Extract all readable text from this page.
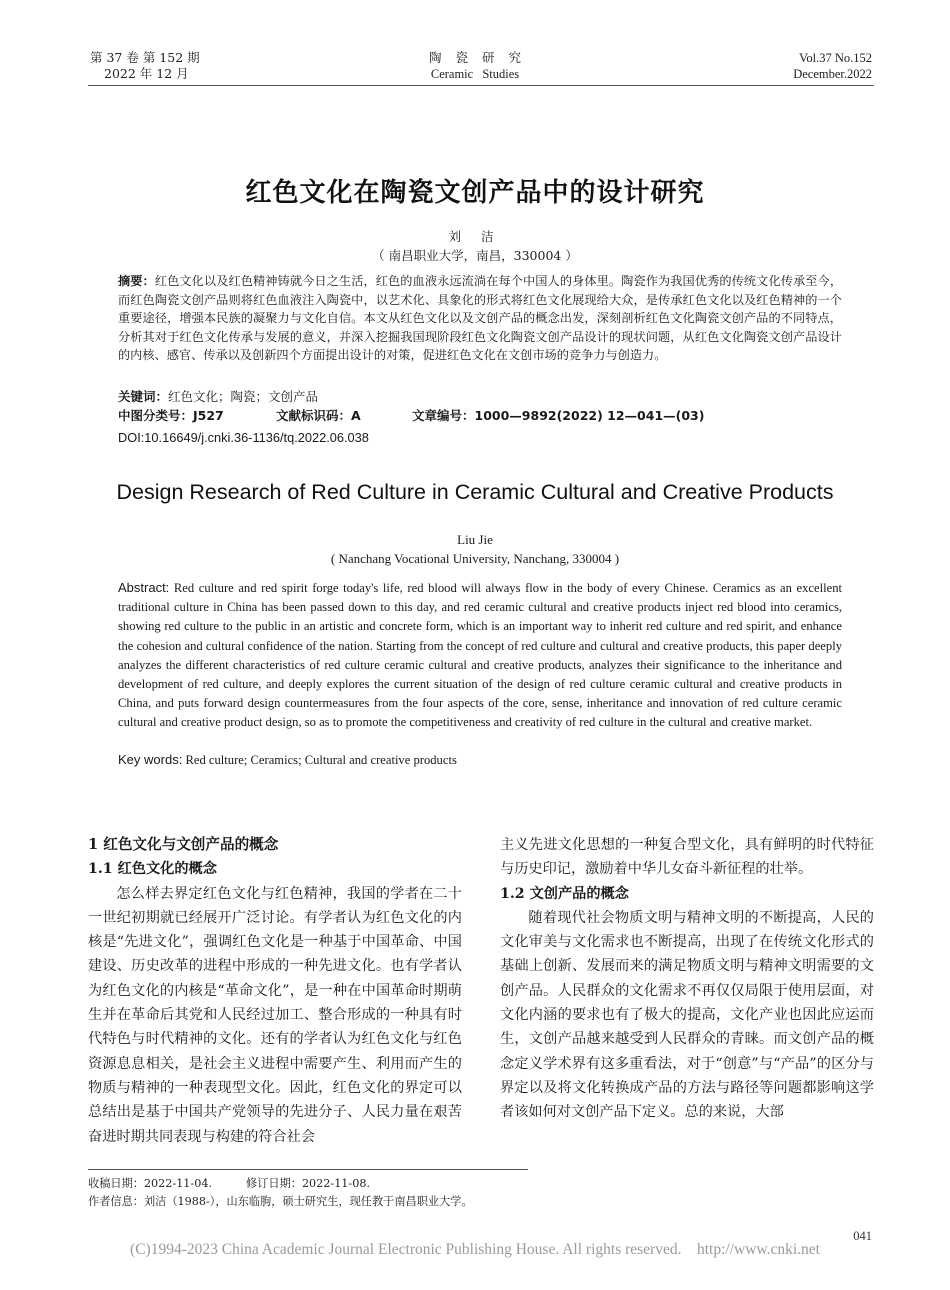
第 37 卷 第 152 期
2022 年 12 月
陶瓷研究
Ceramic Studies
Vol.37 No.152
December.2022
红色文化在陶瓷文创产品中的设计研究
刘 洁
（ 南昌职业大学，南昌，330004 ）
摘要：红色文化以及红色精神铸就今日之生活，红色的血液永远流淌在每个中国人的身体里。陶瓷作为我国优秀的传统文化传承至今，而红色陶瓷文创产品则将红色血液注入陶瓷中，以艺术化、具象化的形式将红色文化展现给大众，是传承红色文化以及红色精神的一个重要途径，增强本民族的凝聚力与文化自信。本文从红色文化以及文创产品的概念出发，深刻剖析红色文化陶瓷文创产品的不同特点，分析其对于红色文化传承与发展的意义，并深入挖掘我国现阶段红色文化陶瓷文创产品设计的现状问题，从红色文化陶瓷文创产品设计的内核、感官、传承以及创新四个方面提出设计的对策，促进红色文化在文创市场的竞争力与创造力。
关键词：红色文化；陶瓷；文创产品
中图分类号：J527	文献标识码：A	文章编号：1000—9892(2022) 12—041—(03)
DOI:10.16649/j.cnki.36-1136/tq.2022.06.038
Design Research of Red Culture in Ceramic Cultural and Creative Products
Liu Jie
( Nanchang Vocational University, Nanchang, 330004 )
Abstract: Red culture and red spirit forge today's life, red blood will always flow in the body of every Chinese. Ceramics as an excellent traditional culture in China has been passed down to this day, and red ceramic cultural and creative products inject red blood into ceramics, showing red culture to the public in an artistic and concrete form, which is an important way to inherit red culture and red spirit, and enhance the cohesion and cultural confidence of the nation. Starting from the concept of red culture and cultural and creative products, this paper deeply analyzes the different characteristics of red culture ceramic cultural and creative products, analyzes their significance to the inheritance and development of red culture, and deeply explores the current situation of the design of red culture ceramic cultural and creative products in China, and puts forward design countermeasures from the four aspects of the core, sense, inheritance and innovation of red culture ceramic cultural and creative product design, so as to promote the competitiveness and creativity of red culture in the cultural and creative market.
Key words: Red culture; Ceramics; Cultural and creative products
1 红色文化与文创产品的概念
1.1 红色文化的概念

怎么样去界定红色文化与红色精神，我国的学者在二十一世纪初期就已经展开广泛讨论。有学者认为红色文化的内核是“先进文化”，强调红色文化是一种基于中国革命、中国建设、历史改革的进程中形成的一种先进文化。也有学者认为红色文化的内核是“革命文化”，是一种在中国革命时期萌生并在革命后其党和人民经过加工、整合形成的一种具有时代特色与时代精神的文化。还有的学者认为红色文化与红色资源息息相关，是社会主义进程中需要产生、利用而产生的物质与精神的一种表现型文化。因此，红色文化的界定可以总结出是基于中国共产党领导的先进分子、人民力量在艰苦奋进时期共同表现与构建的符合社会

主义先进文化思想的一种复合型文化，具有鲜明的时代特征与历史印记，激励着中华儿女奋斗新征程的壮举。

1.2 文创产品的概念

随着现代社会物质文明与精神文明的不断提高，人民的文化审美与文化需求也不断提高，出现了在传统文化形式的基础上创新、发展而来的满足物质文明与精神文明需要的文创产品。人民群众的文化需求不再仅仅局限于使用层面，对文化内涵的要求也有了极大的提高，文化产业也因此应运而生，文创产品越来越受到人民群众的青睐。而文创产品的概念定义学术界有这多重看法，对于“创意”与“产品”的区分与界定以及将文化转换成产品的方法与路径等问题都影响这学者该如何对文创产品下定义。总的来说，大部

收稿日期：2022-11-04.	修订日期：2022-11-08.
作者信息：刘洁（1988-），山东临朐，硕士研究生，现任教于南昌职业大学。
041
(C)1994-2023 China Academic Journal Electronic Publishing House. All rights reserved.    http://www.cnki.net
